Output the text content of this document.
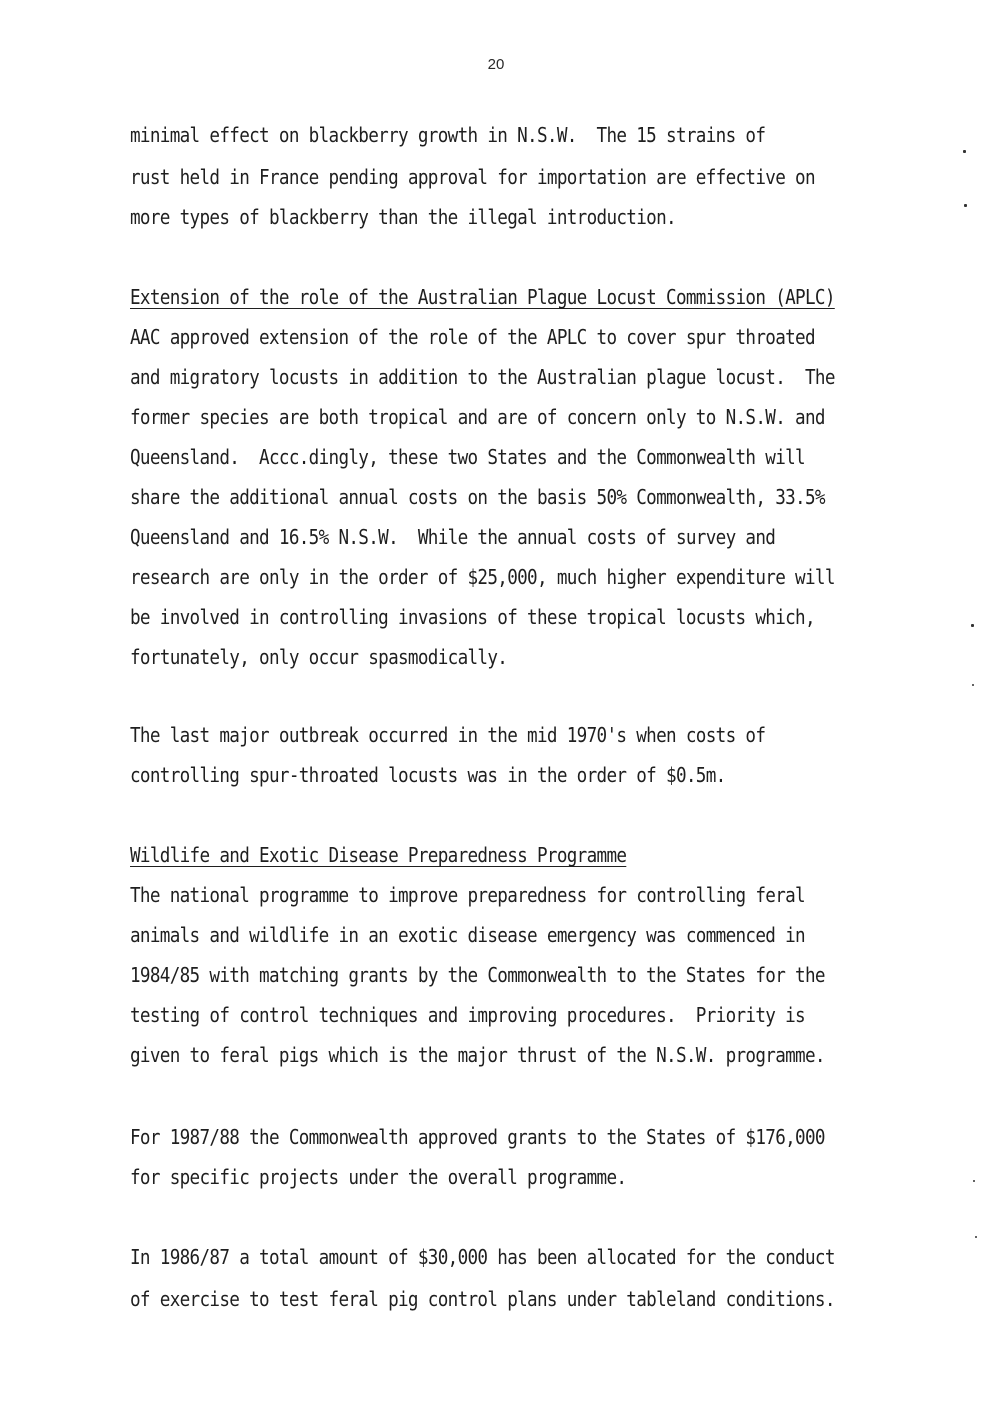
20

minimal effect on blackberry growth in N.S.W.  The 15 strains of

rust held in France pending approval for importation are effective on

more types of blackberry than the illegal introduction.

Extension of the role of the Australian Plague Locust Commission (APLC)

AAC approved extension of the role of the APLC to cover spur throated

and migratory locusts in addition to the Australian plague locust.  The

former species are both tropical and are of concern only to N.S.W. and

Queensland.  Accc.dingly, these two States and the Commonwealth will

share the additional annual costs on the basis 50% Commonwealth, 33.5%

Queensland and 16.5% N.S.W.  While the annual costs of survey and

research are only in the order of $25,000, much higher expenditure will

be involved in controlling invasions of these tropical locusts which,

fortunately, only occur spasmodically.

The last major outbreak occurred in the mid 1970's when costs of

controlling spur-throated locusts was in the order of $0.5m.

Wildlife and Exotic Disease Preparedness Programme

The national programme to improve preparedness for controlling feral

animals and wildlife in an exotic disease emergency was commenced in

1984/85 with matching grants by the Commonwealth to the States for the

testing of control techniques and improving procedures.  Priority is

given to feral pigs which is the major thrust of the N.S.W. programme.

For 1987/88 the Commonwealth approved grants to the States of $176,000

for specific projects under the overall programme.

In 1986/87 a total amount of $30,000 has been allocated for the conduct

of exercise to test feral pig control plans under tableland conditions.
